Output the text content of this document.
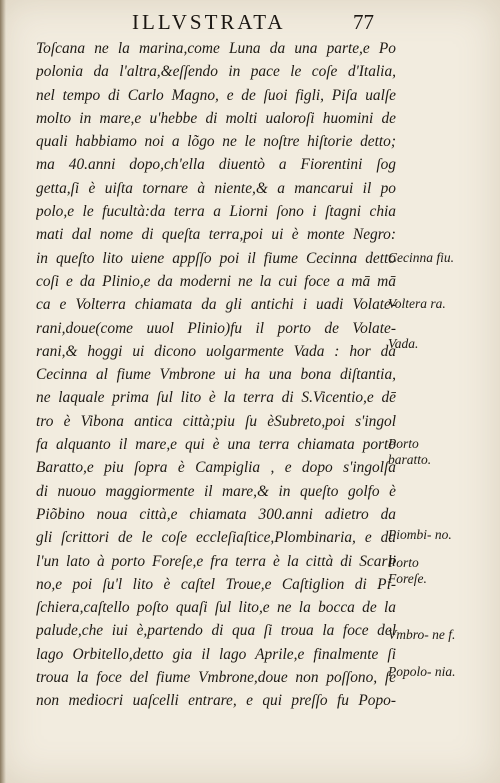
ILLVSTRATA	77
Toſcana ne la marina,come Luna da una parte,e Po
polonia da l'altra,&eſſendo in pace le coſe d'Italia,
nel tempo di Carlo Magno, e de ſuoi figli, Piſa ualſe
molto in mare,e u'hebbe di molti ualoroſi huomini de
quali habbiamo noi a lõgo ne le noſtre hiſtorie detto;
ma 40.anni dopo,ch'ella diuentò a Fiorentini ſog
getta,ſi è uiſta tornare à niente,& a mancarui il po
polo,e le fucultà:da terra a Liorni ſono i ſtagni chia
mati dal nome di queſta terra,poi ui è monte Negro:
in queſto lito uiene appſſo poi il fiume Cecinna detto
coſi e da Plinio,e da moderni ne la cui foce a mā mā
ca e Volterra chiamata da gli antichi i uadi Volate-
rani,doue(come uuol Plinio)fu il porto de Volate-
rani,& hoggi ui dicono uolgarmente Vada : hor da
Cecinna al fiume Vmbrone ui ha una bona diſtantia,
ne laquale prima ſul lito è la terra di S.Vicentio,e dē
tro è Vibona antica città;piu ſu èSubreto,poi s'ingol
fa alquanto il mare,e qui è una terra chiamata porto
Baratto,e piu ſopra è Campiglia , e dopo s'ingolſa
di nuouo maggiormente il mare,& in queſto golfo è
Piõbino noua città,e chiamata 300.anni adietro da
gli ſcrittori de le coſe eccleſiaſtice,Plombinaria, e da
l'un lato à porto Foreſe,e fra terra è la città di Scarli
no,e poi ſu'l lito è caſtel Troue,e Caſtiglion di Pi-
ſchiera,caſtello poſto quaſi ſul lito,e ne la bocca de la
palude,che iui è,partendo di qua ſi troua la foce del
lago Orbitello,detto gia il lago Aprile,e finalmente ſi
troua la foce del fiume Vmbrone,doue non poſſono, ſe
non mediocri uaſcelli entrare, e qui preſſo fu Popo-
Cecinna fiu.
Voltera ra.
Vada.
Porto baratto.
Piombi- no.
Porto Foreſe.
Vmbro- ne f.
Popolo- nia.
